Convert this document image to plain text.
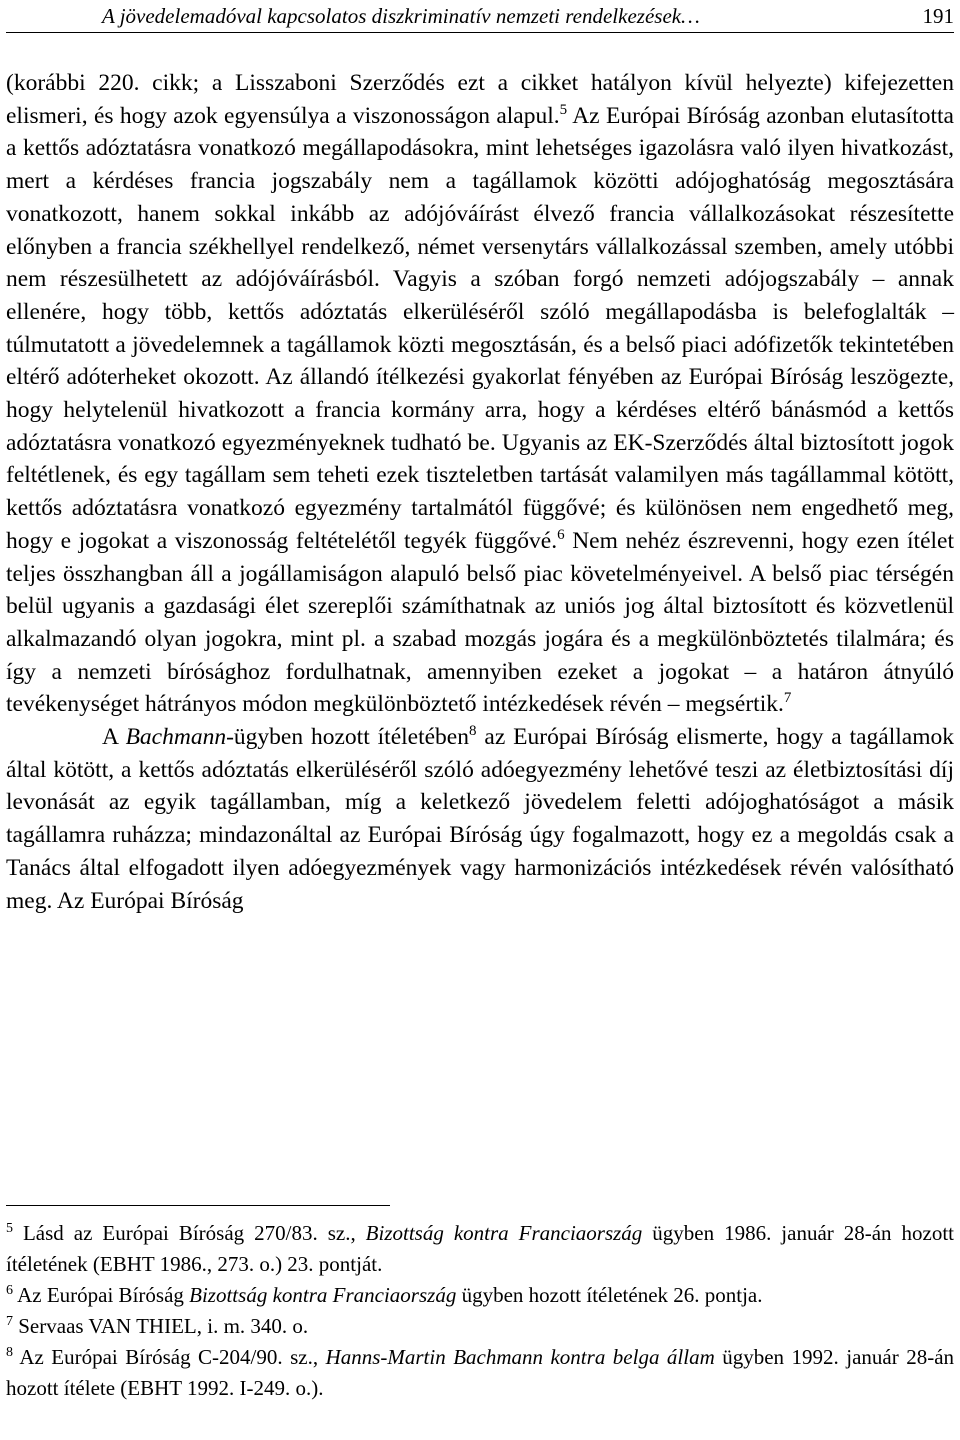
A jövedelemadóval kapcsolatos diszkriminatív nemzeti rendelkezések…	191

(korábbi 220. cikk; a Lisszaboni Szerződés ezt a cikket hatályon kívül helyezte) kifejezetten elismeri, és hogy azok egyensúlya a viszonosságon alapul.$^5$ Az Európai Bíróság azonban elutasította a kettős adóztatásra vonatkozó megállapodásokra, mint lehetséges igazolásra való ilyen hivatkozást, mert a kérdéses francia jogszabály nem a tagállamok közötti adójoghatóság megosztására vonatkozott, hanem sokkal inkább az adójóváírást élvező francia vállalkozásokat részesítette előnyben a francia székhellyel rendelkező, német versenytárs vállalkozással szemben, amely utóbbi nem részesülhetett az adójóváírásból. Vagyis a szóban forgó nemzeti adójogszabály – annak ellenére, hogy több, kettős adóztatás elkerüléséről szóló megállapodásba is belefoglalták – túlmutatott a jövedelemnek a tagállamok közti megosztásán, és a belső piaci adófizetők tekintetében eltérő adóterheket okozott. Az állandó ítélkezési gyakorlat fényében az Európai Bíróság leszögezte, hogy helytelenül hivatkozott a francia kormány arra, hogy a kérdéses eltérő bánásmód a kettős adóztatásra vonatkozó egyezményeknek tudható be. Ugyanis az EK-Szerződés által biztosított jogok feltétlenek, és egy tagállam sem teheti ezek tiszteletben tartását valamilyen más tagállammal kötött, kettős adóztatásra vonatkozó egyezmény tartalmától függővé; és különösen nem engedhető meg, hogy e jogokat a viszonosság feltételétől tegyék függővé.$^6$ Nem nehéz észrevenni, hogy ezen ítélet teljes összhangban áll a jogállamiságon alapuló belső piac követelményeivel. A belső piac térségén belül ugyanis a gazdasági élet szereplői számíthatnak az uniós jog által biztosított és közvetlenül alkalmazandó olyan jogokra, mint pl. a szabad mozgás jogára és a megkülönböztetés tilalmára; és így a nemzeti bírósághoz fordulhatnak, amennyiben ezeket a jogokat – a határon átnyúló tevékenységet hátrányos módon megkülönböztető intézkedések révén – megsértik.$^7$

A Bachmann-ügyben hozott ítéletében$^8$ az Európai Bíróság elismerte, hogy a tagállamok által kötött, a kettős adóztatás elkerüléséről szóló adóegyezmény lehetővé teszi az életbiztosítási díj levonását az egyik tagállamban, míg a keletkező jövedelem feletti adójoghatóságot a másik tagállamra ruházza; mindazonáltal az Európai Bíróság úgy fogalmazott, hogy ez a megoldás csak a Tanács által elfogadott ilyen adóegyezmények vagy harmonizációs intézkedések révén valósítható meg. Az Európai Bíróság

$^5$ Lásd az Európai Bíróság 270/83. sz., Bizottság kontra Franciaország ügyben 1986. január 28-án hozott ítéletének (EBHT 1986., 273. o.) 23. pontját.

$^6$ Az Európai Bíróság Bizottság kontra Franciaország ügyben hozott ítéletének 26. pontja.

$^7$ Servaas VAN THIEL, i. m. 340. o.

$^8$ Az Európai Bíróság C-204/90. sz., Hanns-Martin Bachmann kontra belga állam ügyben 1992. január 28-án hozott ítélete (EBHT 1992. I-249. o.).
